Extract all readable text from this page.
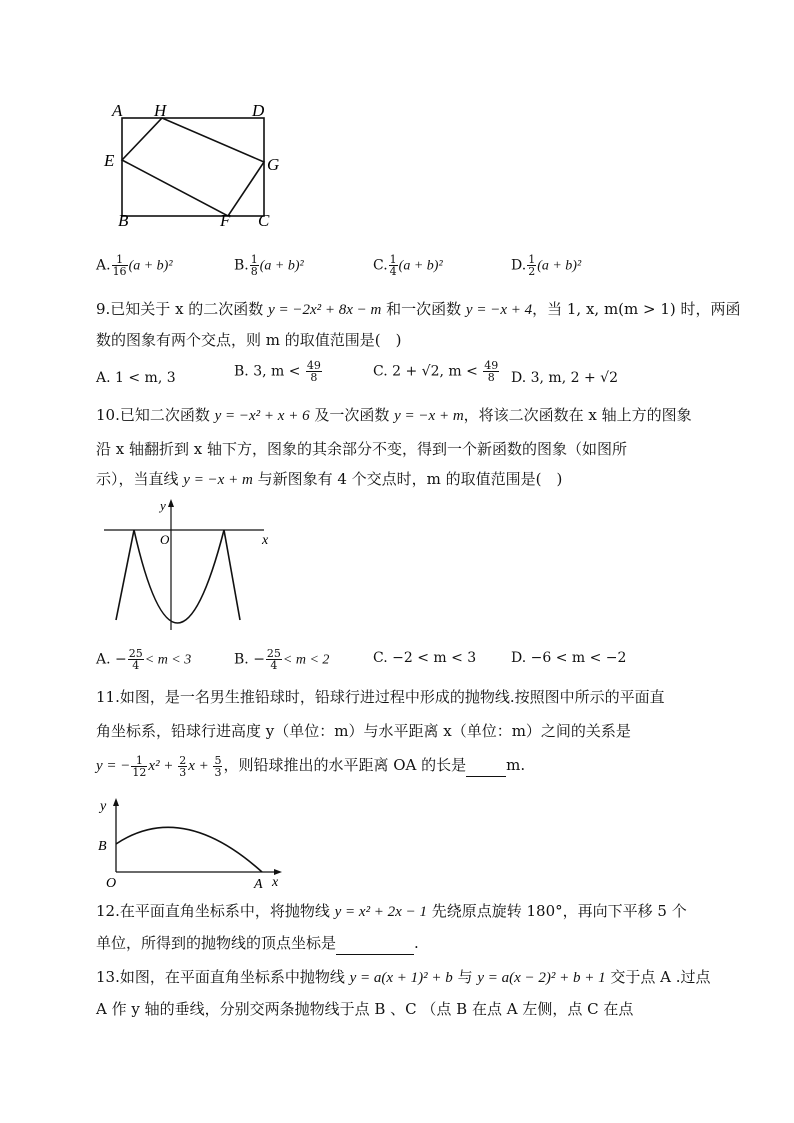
A H	D
E	G
B	F C
A. $\frac{1}{16} (a + b)^2$	B. $\frac{1}{8} (a + b)^2$	C. $\frac{1}{4} (a + b)^2$	D. $\frac{1}{2} (a + b)^2$
9.已知关于 x 的二次函数 y = −2x² + 8x − m 和一次函数 y = −x + 4，当 1, x, m(m > 1) 时，两函
数的图象有两个交点，则 m 的取值范围是(　)
A. 1 < m, 3	B. 3, $m < \frac{49}{8}$	C. 2 + √2, $m < \frac{49}{8} D$. 3, m, 2 + √2
10.已知二次函数 y = −x² + x + 6 及一次函数 y = −x + m，将该二次函数在 x 轴上方的图象
沿 x 轴翻折到 x 轴下方，图象的其余部分不变，得到一个新函数的图象（如图所
示），当直线 y = −x + m 与新图象有 4 个交点时，m 的取值范围是(　)
y
O	x
A. − $\frac{25}{4} < m < 3$	B. − $\frac{25}{4} < m < 2$	C. −2 < m < 3 D. −6 < m < −2
11.如图，是一名男生推铅球时，铅球行进过程中形成的抛物线.按照图中所示的平面直
角坐标系，铅球行进高度 y（单位：m）与水平距离 x（单位：m）之间的关系是
y = − $\frac{1}{12} x^2 + \frac{2}{3}$ $x + \frac{5}{3}$ ，则铅球推出的水平距离 OA 的长是	m.
y
B
O	A x
12.在平面直角坐标系中，将抛物线 y = x² + 2x − 1 先绕原点旋转 180°，再向下平移 5 个
单位，所得到的抛物线的顶点坐标是	.
13.如图，在平面直角坐标系中抛物线 y = a(x + 1)² + b 与 y = a(x − 2)² + b + 1 交于点 A .过点
A 作 y 轴的垂线，分别交两条抛物线于点 B 、C （点 B 在点 A 左侧，点 C 在点
